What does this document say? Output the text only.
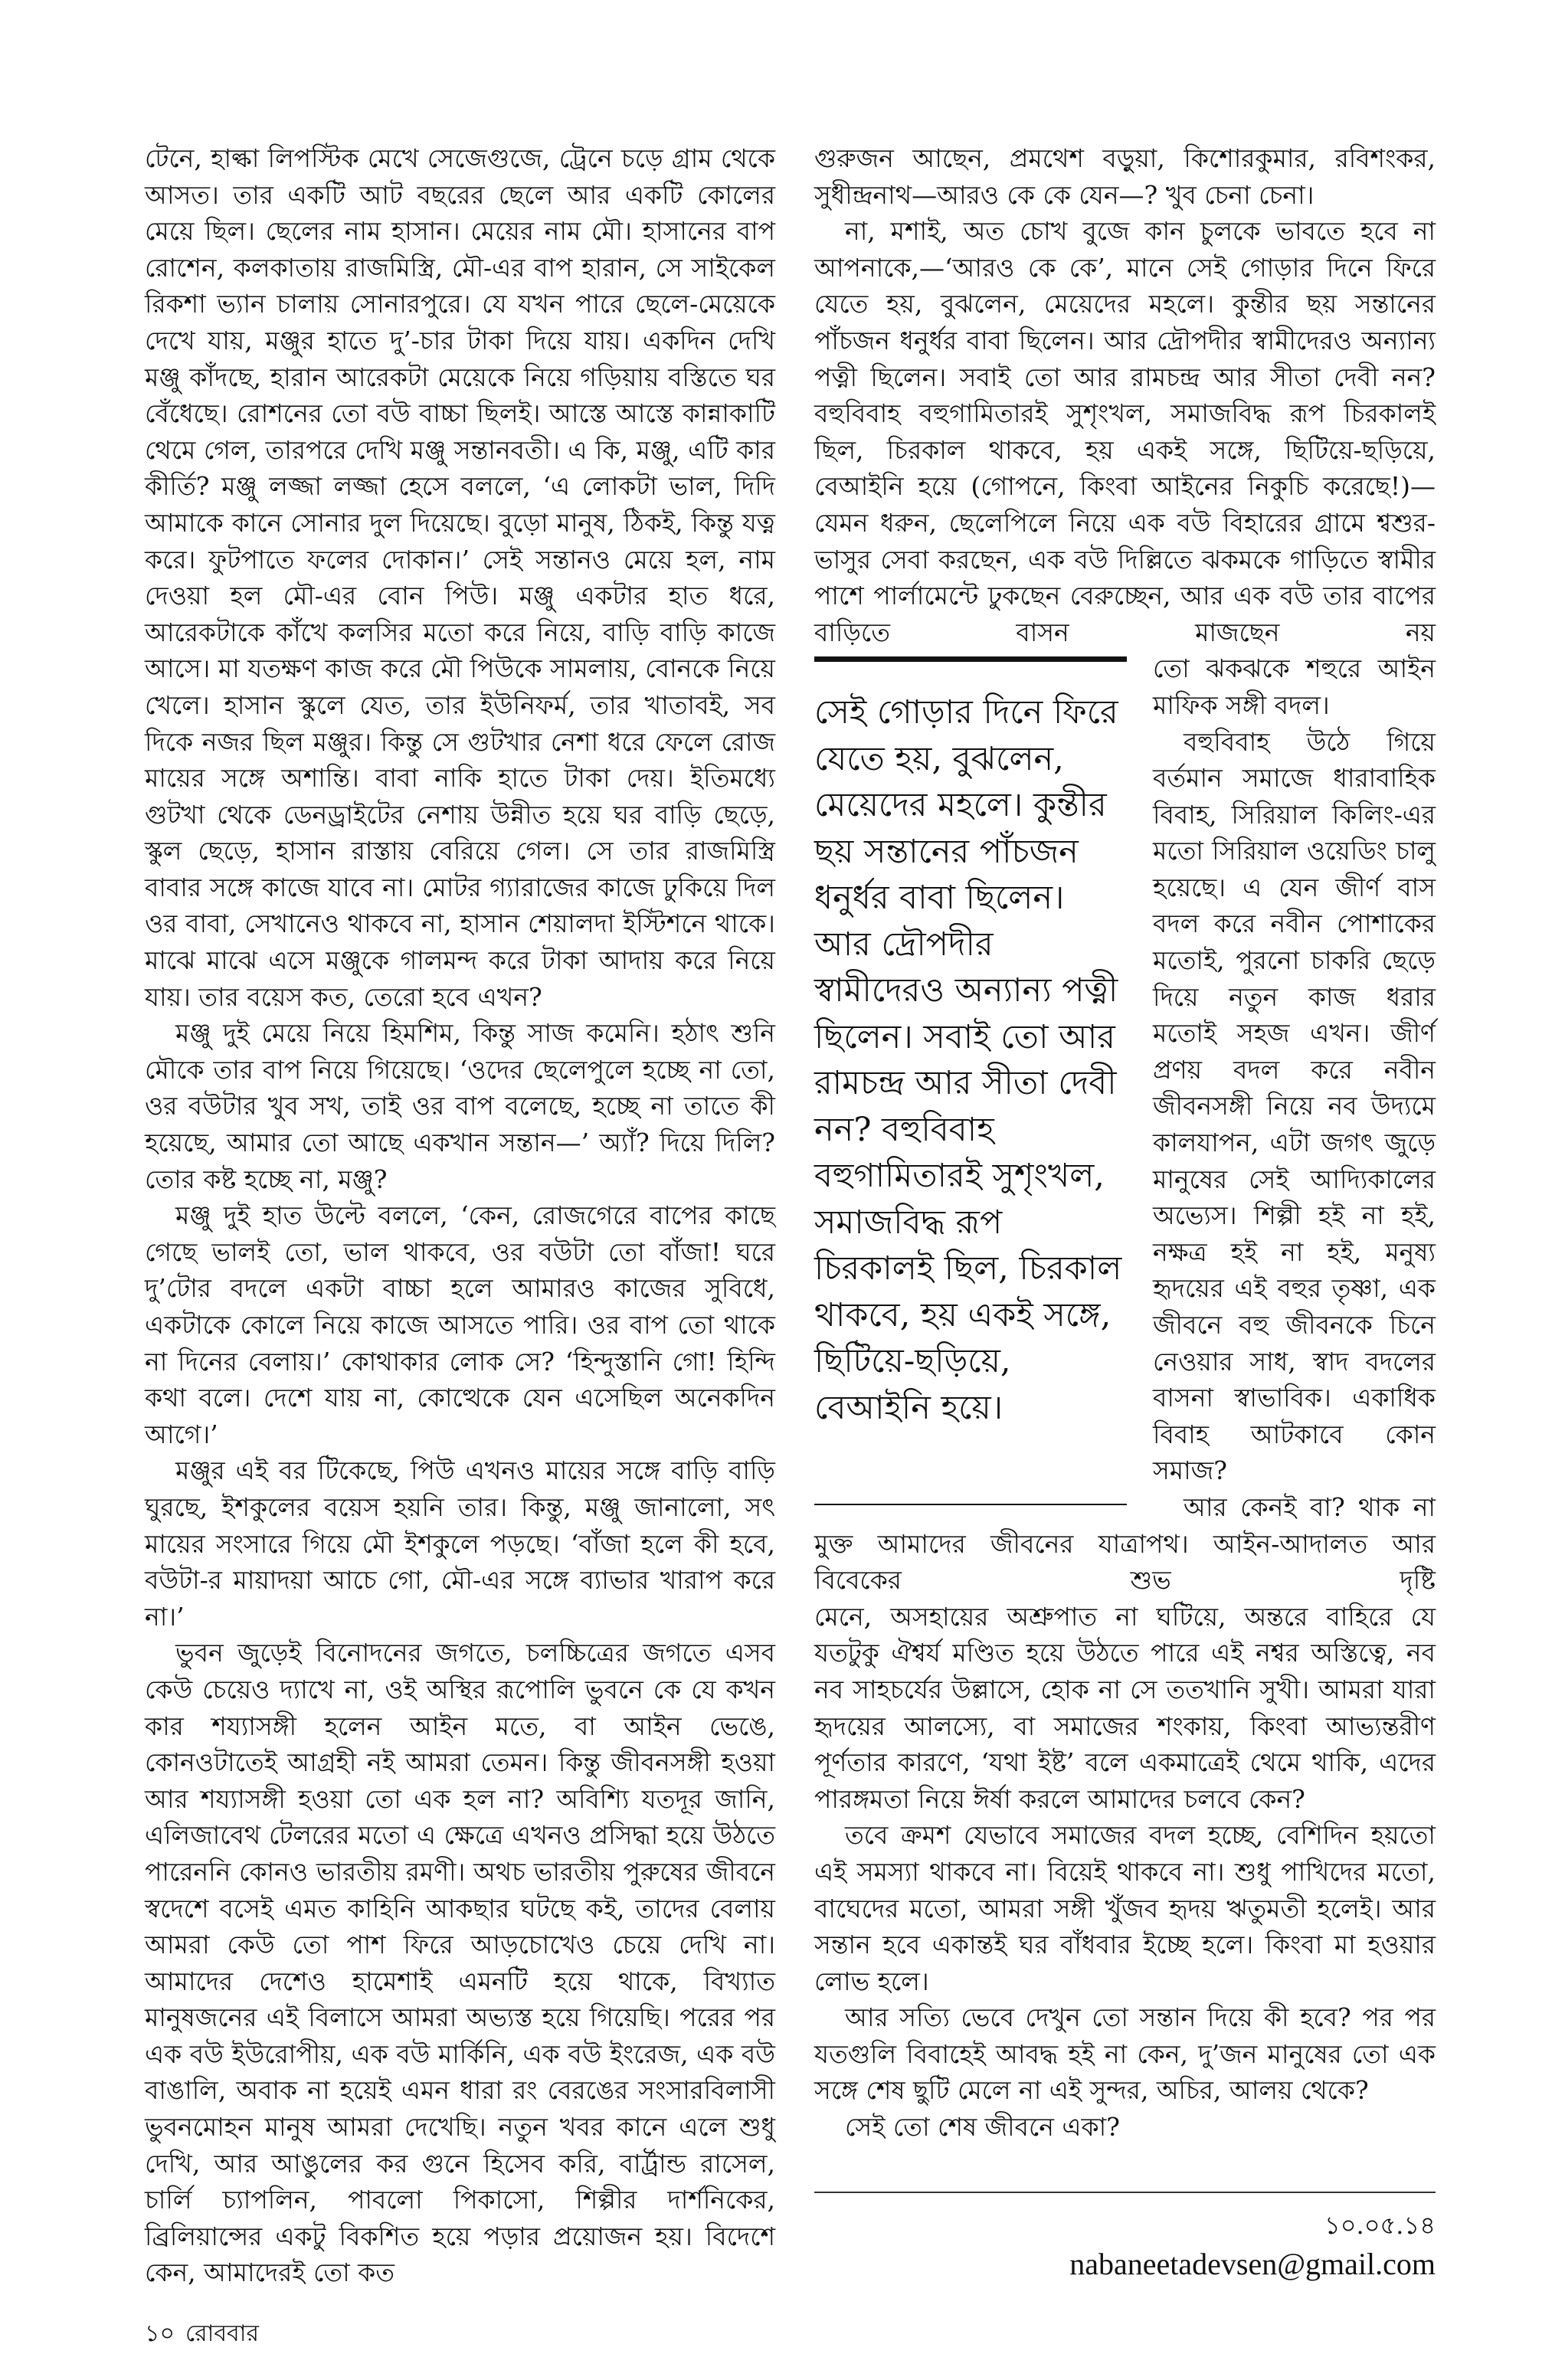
টেনে, হাল্কা লিপস্টিক মেখে সেজেগুজে, ট্রেনে চড়ে গ্রাম থেকে আসত। তার একটি আট বছরের ছেলে আর একটি কোলের মেয়ে ছিল। ছেলের নাম হাসান। মেয়ের নাম মৌ। হাসানের বাপ রোশেন, কলকাতায় রাজমিস্ত্রি, মৌ-এর বাপ হারান, সে সাইকেল রিকশা ভ্যান চালায় সোনারপুরে। যে যখন পারে ছেলে-মেয়েকে দেখে যায়, মঞ্জুর হাতে দু’-চার টাকা দিয়ে যায়। একদিন দেখি মঞ্জু কাঁদছে, হারান আরেকটা মেয়েকে নিয়ে গড়িয়ায় বস্তিতে ঘর বেঁধেছে। রোশনের তো বউ বাচ্চা ছিলই। আস্তে আস্তে কান্নাকাটি থেমে গেল, তারপরে দেখি মঞ্জু সন্তানবতী। এ কি, মঞ্জু, এটি কার কীর্তি? মঞ্জু লজ্জা লজ্জা হেসে বললে, ‘এ লোকটা ভাল, দিদি আমাকে কানে সোনার দুল দিয়েছে। বুড়ো মানুষ, ঠিকই, কিন্তু যত্ন করে। ফুটপাতে ফলের দোকান।’ সেই সন্তানও মেয়ে হল, নাম দেওয়া হল মৌ-এর বোন পিউ। মঞ্জু একটার হাত ধরে, আরেকটাকে কাঁখে কলসির মতো করে নিয়ে, বাড়ি বাড়ি কাজে আসে। মা যতক্ষণ কাজ করে মৌ পিউকে সামলায়, বোনকে নিয়ে খেলে। হাসান স্কুলে যেত, তার ইউনিফর্ম, তার খাতাবই, সব দিকে নজর ছিল মঞ্জুর। কিন্তু সে গুটখার নেশা ধরে ফেলে রোজ মায়ের সঙ্গে অশান্তি। বাবা নাকি হাতে টাকা দেয়। ইতিমধ্যে গুটখা থেকে ডেনড্রাইটের নেশায় উন্নীত হয়ে ঘর বাড়ি ছেড়ে, স্কুল ছেড়ে, হাসান রাস্তায় বেরিয়ে গেল। সে তার রাজমিস্ত্রি বাবার সঙ্গে কাজে যাবে না। মোটর গ্যারাজের কাজে ঢুকিয়ে দিল ওর বাবা, সেখানেও থাকবে না, হাসান শেয়ালদা ইস্টিশনে থাকে। মাঝে মাঝে এসে মঞ্জুকে গালমন্দ করে টাকা আদায় করে নিয়ে যায়। তার বয়েস কত, তেরো হবে এখন?

মঞ্জু দুই মেয়ে নিয়ে হিমশিম, কিন্তু সাজ কমেনি। হঠাৎ শুনি মৌকে তার বাপ নিয়ে গিয়েছে। ‘ওদের ছেলেপুলে হচ্ছে না তো, ওর বউটার খুব সখ, তাই ওর বাপ বলেছে, হচ্ছে না তাতে কী হয়েছে, আমার তো আছে একখান সন্তান—’ অ্যাঁ? দিয়ে দিলি? তোর কষ্ট হচ্ছে না, মঞ্জু?

মঞ্জু দুই হাত উল্টে বললে, ‘কেন, রোজগেরে বাপের কাছে গেছে ভালই তো, ভাল থাকবে, ওর বউটা তো বাঁজা! ঘরে দু’টোর বদলে একটা বাচ্চা হলে আমারও কাজের সুবিধে, একটাকে কোলে নিয়ে কাজে আসতে পারি। ওর বাপ তো থাকে না দিনের বেলায়।’ কোথাকার লোক সে? ‘হিন্দুস্তানি গো! হিন্দি কথা বলে। দেশে যায় না, কোত্থেকে যেন এসেছিল অনেকদিন আগে।’

মঞ্জুর এই বর টিকেছে, পিউ এখনও মায়ের সঙ্গে বাড়ি বাড়ি ঘুরছে, ইশকুলের বয়েস হয়নি তার। কিন্তু, মঞ্জু জানালো, সৎ মায়ের সংসারে গিয়ে মৌ ইশকুলে পড়ছে। ‘বাঁজা হলে কী হবে, বউটা-র মায়াদয়া আচে গো, মৌ-এর সঙ্গে ব্যাভার খারাপ করে না।’

ভুবন জুড়েই বিনোদনের জগতে, চলচ্চিত্রের জগতে এসব কেউ চেয়েও দ্যাখে না, ওই অস্থির রূপোলি ভুবনে কে যে কখন কার শয্যাসঙ্গী হলেন আইন মতে, বা আইন ভেঙে, কোনওটাতেই আগ্রহী নই আমরা তেমন। কিন্তু জীবনসঙ্গী হওয়া আর শয্যাসঙ্গী হওয়া তো এক হল না? অবিশ্যি যতদূর জানি, এলিজাবেথ টেলরের মতো এ ক্ষেত্রে এখনও প্রসিদ্ধা হয়ে উঠতে পারেননি কোনও ভারতীয় রমণী। অথচ ভারতীয় পুরুষের জীবনে স্বদেশে বসেই এমত কাহিনি আকছার ঘটছে কই, তাদের বেলায় আমরা কেউ তো পাশ ফিরে আড়চোখেও চেয়ে দেখি না। আমাদের দেশেও হামেশাই এমনটি হয়ে থাকে, বিখ্যাত মানুষজনের এই বিলাসে আমরা অভ্যস্ত হয়ে গিয়েছি। পরের পর এক বউ ইউরোপীয়, এক বউ মার্কিনি, এক বউ ইংরেজ, এক বউ বাঙালি, অবাক না হয়েই এমন ধারা রং বেরঙের সংসারবিলাসী ভুবনমোহন মানুষ আমরা দেখেছি। নতুন খবর কানে এলে শুধু দেখি, আর আঙুলের কর গুনে হিসেব করি, বার্ট্রান্ড রাসেল, চার্লি চ্যাপলিন, পাবলো পিকাসো, শিল্পীর দার্শনিকের, ব্রিলিয়ান্সের একটু বিকশিত হয়ে পড়ার প্রয়োজন হয়। বিদেশে কেন, আমাদেরই তো কত

১০ রোববার

গুরুজন আছেন, প্রমথেশ বড়ুয়া, কিশোরকুমার, রবিশংকর, সুধীন্দ্রনাথ—আরও কে কে যেন—? খুব চেনা চেনা।

না, মশাই, অত চোখ বুজে কান চুলকে ভাবতে হবে না আপনাকে,—‘আরও কে কে’, মানে সেই গোড়ার দিনে ফিরে যেতে হয়, বুঝলেন, মেয়েদের মহলে। কুন্তীর ছয় সন্তানের পাঁচজন ধনুর্ধর বাবা ছিলেন। আর দ্রৌপদীর স্বামীদেরও অন্যান্য পত্নী ছিলেন। সবাই তো আর রামচন্দ্র আর সীতা দেবী নন? বহুবিবাহ বহুগামিতারই সুশৃংখল, সমাজবিদ্ধ রূপ চিরকালই ছিল, চিরকাল থাকবে, হয় একই সঙ্গে, ছিটিয়ে-ছড়িয়ে, বেআইনি হয়ে (গোপনে, কিংবা আইনের নিকুচি করেছে!)—যেমন ধরুন, ছেলেপিলে নিয়ে এক বউ বিহারের গ্রামে শ্বশুর-ভাসুর সেবা করছেন, এক বউ দিল্লিতে ঝকমকে গাড়িতে স্বামীর পাশে পার্লামেন্টে ঢুকছেন বেরুচ্ছেন, আর এক বউ তার বাপের বাড়িতে বাসন মাজছেন নয়

সেই গোড়ার দিনে ফিরে যেতে হয়, বুঝলেন, মেয়েদের মহলে। কুন্তীর ছয় সন্তানের পাঁচজন ধনুর্ধর বাবা ছিলেন। আর দ্রৌপদীর স্বামীদেরও অন্যান্য পত্নী ছিলেন। সবাই তো আর রামচন্দ্র আর সীতা দেবী নন? বহুবিবাহ বহুগামিতারই সুশৃংখল, সমাজবিদ্ধ রূপ চিরকালই ছিল, চিরকাল থাকবে, হয় একই সঙ্গে, ছিটিয়ে-ছড়িয়ে, বেআইনি হয়ে।

তো ঝকঝকে শহুরে আইন মাফিক সঙ্গী বদল।

বহুবিবাহ উঠে গিয়ে বর্তমান সমাজে ধারাবাহিক বিবাহ, সিরিয়াল কিলিং-এর মতো সিরিয়াল ওয়েডিং চালু হয়েছে। এ যেন জীর্ণ বাস বদল করে নবীন পোশাকের মতোই, পুরনো চাকরি ছেড়ে দিয়ে নতুন কাজ ধরার মতোই সহজ এখন। জীর্ণ প্রণয় বদল করে নবীন জীবনসঙ্গী নিয়ে নব উদ্যমে কালযাপন, এটা জগৎ জুড়ে মানুষের সেই আদ্যিকালের অভ্যেস। শিল্পী হই না হই, নক্ষত্র হই না হই, মনুষ্য হৃদয়ের এই বহুর তৃষ্ণা, এক জীবনে বহু জীবনকে চিনে নেওয়ার সাধ, স্বাদ বদলের বাসনা স্বাভাবিক। একাধিক বিবাহ আটকাবে কোন সমাজ?

আর কেনই বা? থাক না মুক্ত আমাদের জীবনের যাত্রাপথ। আইন-আদালত আর বিবেকের শুভ দৃষ্টি

মেনে, অসহায়ের অশ্রুপাত না ঘটিয়ে, অন্তরে বাহিরে যে যতটুকু ঐশ্বর্য মণ্ডিত হয়ে উঠতে পারে এই নশ্বর অস্তিত্বে, নব নব সাহচর্যের উল্লাসে, হোক না সে ততখানি সুখী। আমরা যারা হৃদয়ের আলস্যে, বা সমাজের শংকায়, কিংবা আভ্যন্তরীণ পূর্ণতার কারণে, ‘যথা ইষ্ট’ বলে একমাত্রেই থেমে থাকি, এদের পারঙ্গমতা নিয়ে ঈর্ষা করলে আমাদের চলবে কেন?

তবে ক্রমশ যেভাবে সমাজের বদল হচ্ছে, বেশিদিন হয়তো এই সমস্যা থাকবে না। বিয়েই থাকবে না। শুধু পাখিদের মতো, বাঘেদের মতো, আমরা সঙ্গী খুঁজব হৃদয় ঋতুমতী হলেই। আর সন্তান হবে একান্তই ঘর বাঁধবার ইচ্ছে হলে। কিংবা মা হওয়ার লোভ হলে।

আর সত্যি ভেবে দেখুন তো সন্তান দিয়ে কী হবে? পর পর যতগুলি বিবাহেই আবদ্ধ হই না কেন, দু’জন মানুষের তো এক সঙ্গে শেষ ছুটি মেলে না এই সুন্দর, অচির, আলয় থেকে?

সেই তো শেষ জীবনে একা?

১০.০৫.১৪
nabaneetadevsen@gmail.com
